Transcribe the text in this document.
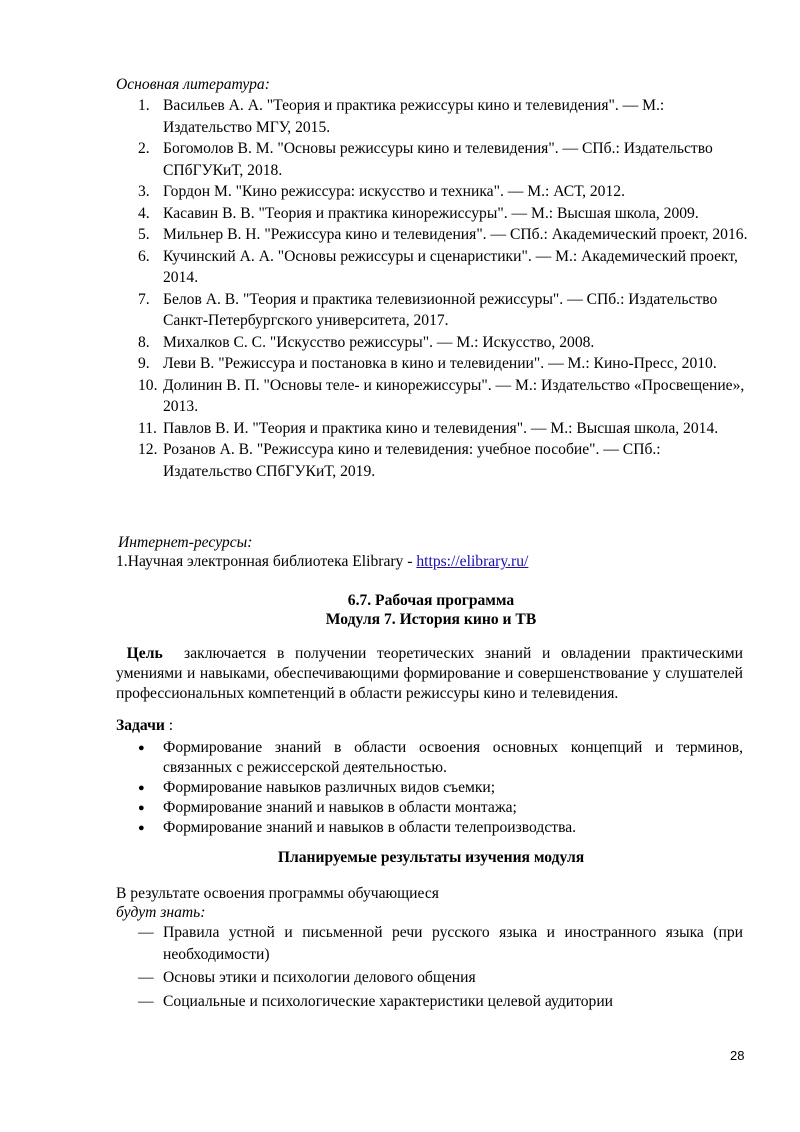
Основная литература:
1. Васильев А. А. "Теория и практика режиссуры кино и телевидения". — М.: Издательство МГУ, 2015.
2. Богомолов В. М. "Основы режиссуры кино и телевидения". — СПб.: Издательство СПбГУКиТ, 2018.
3. Гордон М. "Кино режиссура: искусство и техника". — М.: АСТ, 2012.
4. Касавин В. В. "Теория и практика кинорежиссуры". — М.: Высшая школа, 2009.
5. Мильнер В. Н. "Режиссура кино и телевидения". — СПб.: Академический проект, 2016.
6. Кучинский А. А. "Основы режиссуры и сценаристики". — М.: Академический проект, 2014.
7. Белов А. В. "Теория и практика телевизионной режиссуры". — СПб.: Издательство Санкт-Петербургского университета, 2017.
8. Михалков С. С. "Искусство режиссуры". — М.: Искусство, 2008.
9. Леви В. "Режиссура и постановка в кино и телевидении". — М.: Кино-Пресс, 2010.
10. Долинин В. П. "Основы теле- и кинорежиссуры". — М.: Издательство «Просвещение», 2013.
11. Павлов В. И. "Теория и практика кино и телевидения". — М.: Высшая школа, 2014.
12. Розанов А. В. "Режиссура кино и телевидения: учебное пособие". — СПб.: Издательство СПбГУКиТ, 2019.
Интернет-ресурсы:
1.Научная электронная библиотека Elibrary - https://elibrary.ru/
6.7. Рабочая программа
Модуля 7. История кино и ТВ
Цель заключается в получении теоретических знаний и овладении практическими умениями и навыками, обеспечивающими формирование и совершенствование у слушателей профессиональных компетенций в области режиссуры кино и телевидения.
Задачи :
● Формирование знаний в области освоения основных концепций и терминов, связанных с режиссерской деятельностью.
● Формирование навыков различных видов съемки;
● Формирование знаний и навыков в области монтажа;
● Формирование знаний и навыков в области телепроизводства.
Планируемые результаты изучения модуля
В результате освоения программы обучающиеся
будут знать:
— Правила устной и письменной речи русского языка и иностранного языка (при необходимости)
— Основы этики и психологии делового общения
— Социальные и психологические характеристики целевой аудитории
28
